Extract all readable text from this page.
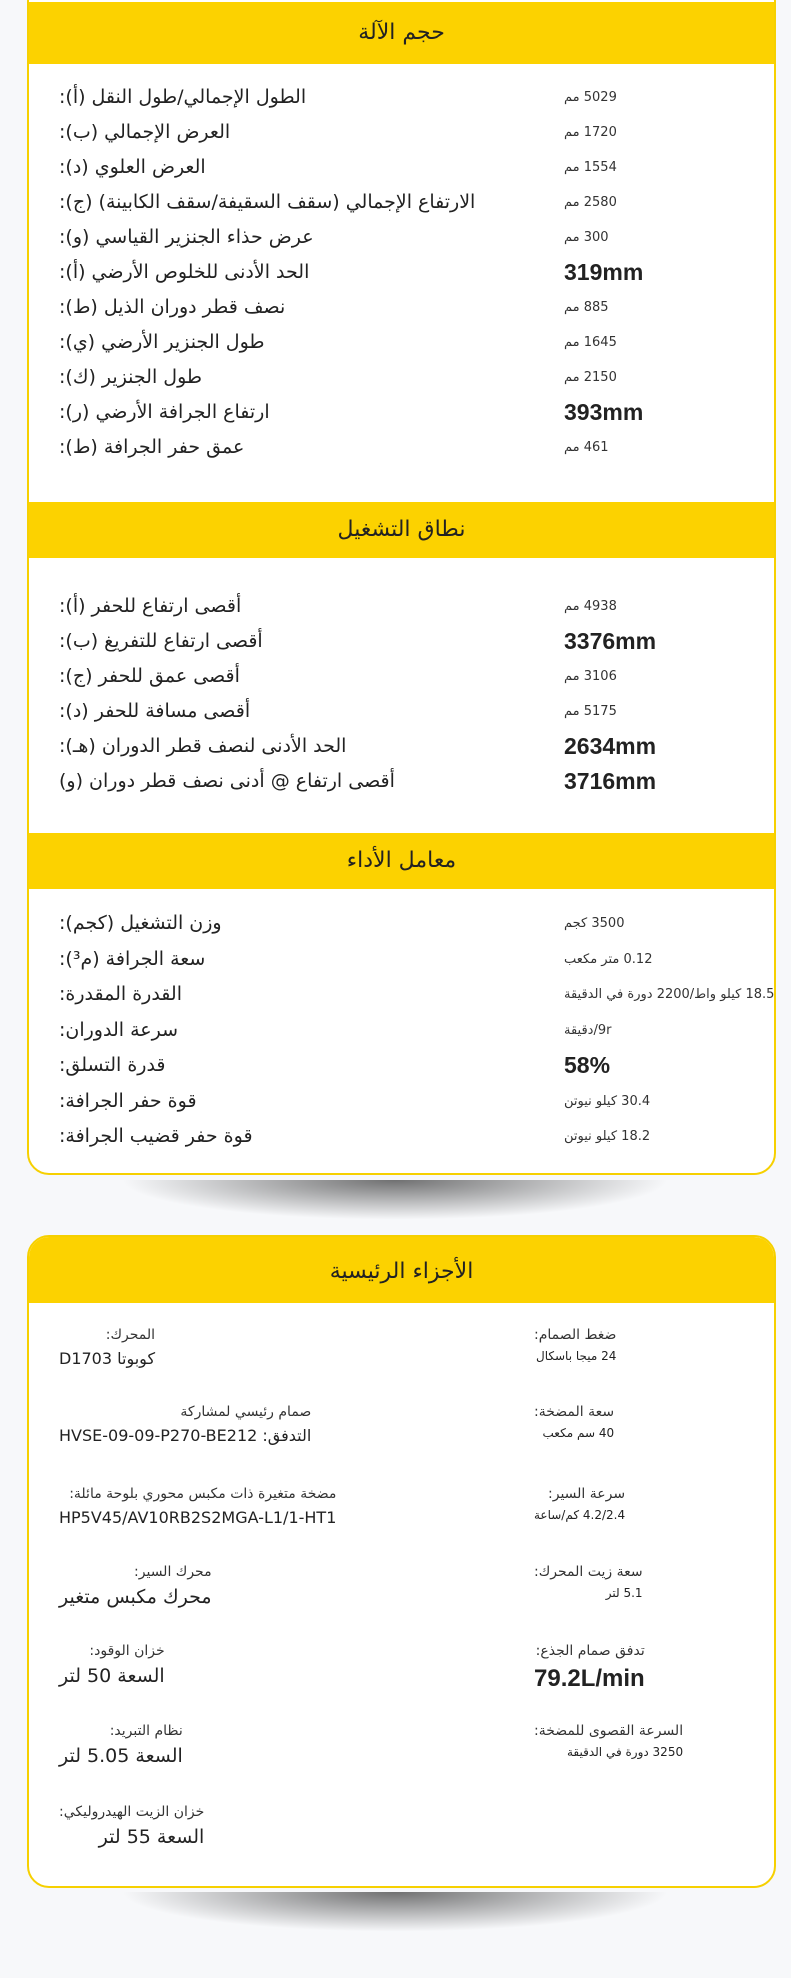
حجم الآلة
الطول الإجمالي/طول النقل (أ):	5029 مم
العرض الإجمالي (ب):	1720 مم
العرض العلوي (د):	1554 مم
الارتفاع الإجمالي (سقف السقيفة/سقف الكابينة) (ج):	2580 مم
عرض حذاء الجنزير القياسي (و):	300 مم
الحد الأدنى للخلوص الأرضي (أ):	319mm
نصف قطر دوران الذيل (ط):	885 مم
طول الجنزير الأرضي (ي):	1645 مم
طول الجنزير (ك):	2150 مم
ارتفاع الجرافة الأرضي (ر):	393mm
عمق حفر الجرافة (ط):	461 مم
نطاق التشغيل
أقصى ارتفاع للحفر (أ):	4938 مم
أقصى ارتفاع للتفريغ (ب):	3376mm
أقصى عمق للحفر (ج):	3106 مم
أقصى مسافة للحفر (د):	5175 مم
الحد الأدنى لنصف قطر الدوران (هـ):	2634mm
أقصى ارتفاع @ أدنى نصف قطر دوران (و)	3716mm
معامل الأداء
وزن التشغيل (كجم):	3500 كجم
سعة الجرافة (م³):	0.12 متر مكعب
القدرة المقدرة:	18.5 كيلو واط/2200 دورة في الدقيقة
سرعة الدوران:	9r/دقيقة
قدرة التسلق:	58%
قوة حفر الجرافة:	30.4 كيلو نيوتن
قوة حفر قضيب الجرافة:	18.2 كيلو نيوتن
الأجزاء الرئيسية
المحرك:
كوبوتا D1703
صمام رئيسي لمشاركة
التدفق: HVSE-09-09-P270-BE212
مضخة متغيرة ذات مكبس محوري بلوحة مائلة:
HP5V45/AV10RB2S2MGA-L1/1-HT1
محرك السير:
محرك مكبس متغير
خزان الوقود:
السعة 50 لتر
نظام التبريد:
السعة 5.05 لتر
خزان الزيت الهيدروليكي:
السعة 55 لتر
ضغط الصمام:
24 ميجا باسكال
سعة المضخة:
40 سم مكعب
سرعة السير:
4.2/2.4 كم/ساعة
سعة زيت المحرك:
5.1 لتر
تدفق صمام الجذع:
79.2L/min
السرعة القصوى للمضخة:
3250 دورة في الدقيقة
